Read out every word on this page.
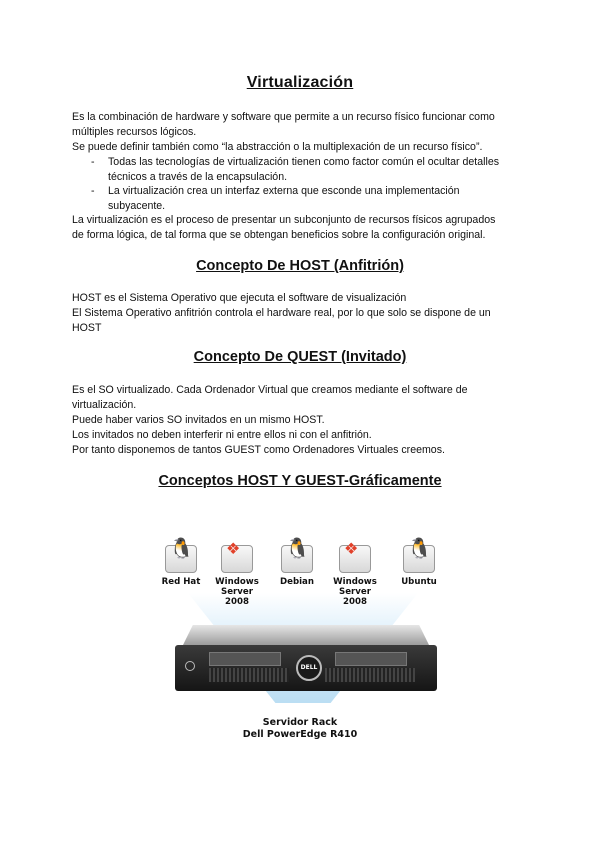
Virtualización
Es la combinación de hardware y software que permite a un recurso físico funcionar como
múltiples recursos lógicos.
Se puede definir también como “la abstracción o la multiplexación de un recurso físico”.
- Todas las tecnologías de virtualización tienen como factor común el ocultar detalles
técnicos a través de la encapsulación.
- La virtualización crea un interfaz externa que esconde una implementación
subyacente.
La virtualización es el proceso de presentar un subconjunto de recursos físicos agrupados
de forma lógica, de tal forma que se obtengan beneficios sobre la configuración original.
Concepto De HOST (Anfitrión)
HOST es el Sistema Operativo que ejecuta el software de visualización
El Sistema Operativo anfitrión controla el hardware real, por lo que solo se dispone de un
HOST
Concepto De QUEST (Invitado)
Es el SO virtualizado. Cada Ordenador Virtual que creamos mediante el software de
virtualización.
Puede haber varios SO invitados en un mismo HOST.
Los invitados no deben interferir ni entre ellos ni con el anfitrión.
Por tanto disponemos de tantos GUEST como Ordenadores Virtuales creemos.
Conceptos HOST Y GUEST-Gráficamente
🐧
Red Hat
❖
Windows
Server 2008
🐧
Debian
❖
Windows
Server 2008
🐧
Ubuntu
DELL
Servidor Rack
Dell PowerEdge R410
